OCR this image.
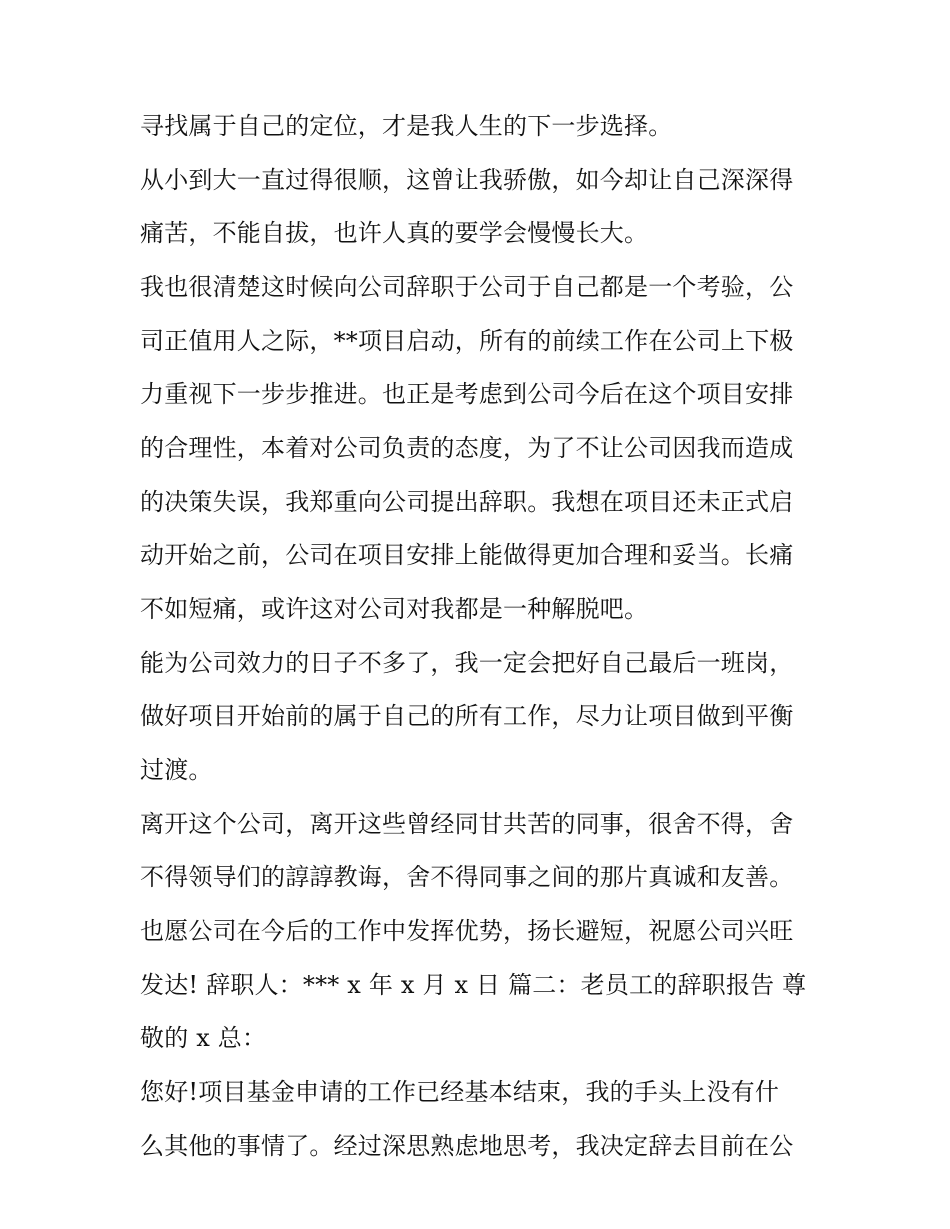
寻找属于自己的定位，才是我人生的下一步选择。
从小到大一直过得很顺，这曾让我骄傲，如今却让自己深深得
痛苦，不能自拔，也许人真的要学会慢慢长大。
我也很清楚这时候向公司辞职于公司于自己都是一个考验，公
司正值用人之际，**项目启动，所有的前续工作在公司上下极
力重视下一步步推进。也正是考虑到公司今后在这个项目安排
的合理性，本着对公司负责的态度，为了不让公司因我而造成
的决策失误，我郑重向公司提出辞职。我想在项目还未正式启
动开始之前，公司在项目安排上能做得更加合理和妥当。长痛
不如短痛，或许这对公司对我都是一种解脱吧。
能为公司效力的日子不多了，我一定会把好自己最后一班岗，
做好项目开始前的属于自己的所有工作，尽力让项目做到平衡
过渡。
离开这个公司，离开这些曾经同甘共苦的同事，很舍不得，舍
不得领导们的諄諄教诲，舍不得同事之间的那片真诚和友善。
也愿公司在今后的工作中发挥优势，扬长避短，祝愿公司兴旺
发达! 辞职人：*** x 年 x 月 x 日 篇二：老员工的辞职报告 尊
敬的 x 总：
您好!项目基金申请的工作已经基本结束，我的手头上没有什
么其他的事情了。经过深思熟虑地思考，我决定辞去目前在公
